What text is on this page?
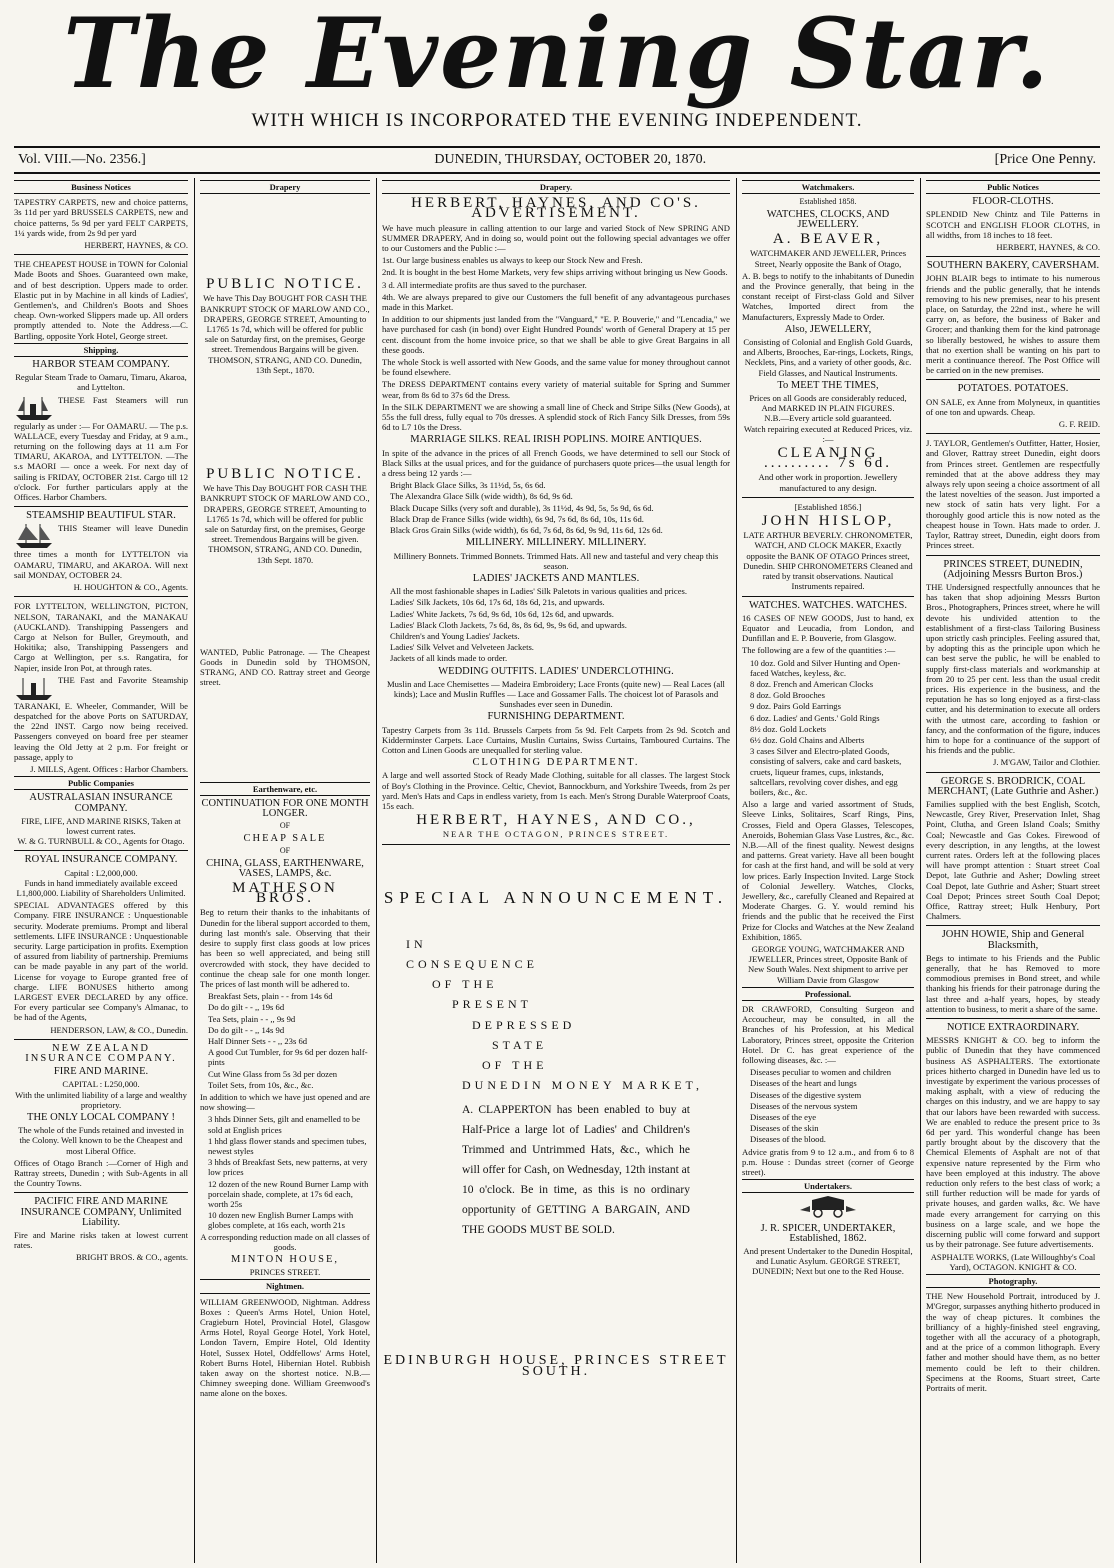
The Evening Star.
WITH WHICH IS INCORPORATED THE EVENING INDEPENDENT.
Vol. VIII.—No. 2356.]	DUNEDIN, THURSDAY, OCTOBER 20, 1870.	[Price One Penny.
Business Notices
TAPESTRY CARPETS, new and choice patterns, 3s 11d per yard BRUSSELS CARPETS, new and choice patterns, 5s 9d per yard FELT CARPETS, 1¼ yards wide, from 2s 9d per yard
HERBERT, HAYNES, & CO.
THE CHEAPEST HOUSE in TOWN for Colonial Made Boots and Shoes. Guaranteed own make, and of best description. Uppers made to order. Elastic put in by Machine in all kinds of Ladies', Gentlemen's, and Children's Boots and Shoes cheap. Own-worked Slippers made up. All orders promptly attended to. Note the Address.—C. Bartling, opposite York Hotel, George street.
Shipping.
HARBOR STEAM COMPANY.
Regular Steam Trade to Oamaru, Timaru, Akaroa, and Lyttelton.
THESE Fast Steamers will run regularly as under :— For OAMARU. — The p.s. WALLACE, every Tuesday and Friday, at 9 a.m., returning on the following days at 11 a.m For TIMARU, AKAROA, and LYTTELTON. —The s.s MAORI — once a week. For next day of sailing is FRIDAY, OCTOBER 21st. Cargo till 12 o'clock. For further particulars apply at the Offices. Harbor Chambers.
STEAMSHIP BEAUTIFUL STAR.
THIS Steamer will leave Dunedin three times a month for LYTTELTON via OAMARU, TIMARU, and AKAROA. Will next sail MONDAY, OCTOBER 24.
H. HOUGHTON & CO., Agents.
FOR LYTTELTON, WELLINGTON, PICTON, NELSON, TARANAKI, and the MANAKAU (AUCKLAND). Transhipping Passengers and Cargo at Nelson for Buller, Greymouth, and Hokitika; also, Transhipping Passengers and Cargo at Wellington, per s.s. Rangatira, for Napier, inside Iron Pot, at through rates.
THE Fast and Favorite Steamship TARANAKI, E. Wheeler, Commander, Will be despatched for the above Ports on SATURDAY, the 22nd INST. Cargo now being received. Passengers conveyed on board free per steamer leaving the Old Jetty at 2 p.m. For freight or passage, apply to
J. MILLS, Agent. Offices : Harbor Chambers.
Public Companies
AUSTRALASIAN INSURANCE COMPANY.
FIRE, LIFE, AND MARINE RISKS, Taken at lowest current rates.
W. & G. TURNBULL & CO., Agents for Otago.
ROYAL INSURANCE COMPANY.
Capital : L2,000,000.
Funds in hand immediately available exceed L1,800,000. Liability of Shareholders Unlimited.
SPECIAL ADVANTAGES offered by this Company. FIRE INSURANCE : Unquestionable security. Moderate premiums. Prompt and liberal settlements. LIFE INSURANCE : Unquestionable security. Large participation in profits. Exemption of assured from liability of partnership. Premiums can be made payable in any part of the world. License for voyage to Europe granted free of charge. LIFE BONUSES hitherto among LARGEST EVER DECLARED by any office. For every particular see Company's Almanac, to be had of the Agents,
HENDERSON, LAW, & CO., Dunedin.
NEW ZEALAND INSURANCE COMPANY.
FIRE AND MARINE.
CAPITAL : L250,000.
With the unlimited liability of a large and wealthy proprietory.
THE ONLY LOCAL COMPANY !
The whole of the Funds retained and invested in the Colony. Well known to be the Cheapest and most Liberal Office.
Offices of Otago Branch :—Corner of High and Rattray streets, Dunedin ; with Sub-Agents in all the Country Towns.
PACIFIC FIRE AND MARINE INSURANCE COMPANY, Unlimited Liability.
Fire and Marine risks taken at lowest current rates.
BRIGHT BROS. & CO., agents.
Drapery
PUBLIC NOTICE.
We have This Day BOUGHT FOR CASH THE BANKRUPT STOCK OF MARLOW AND CO., DRAPERS, GEORGE STREET, Amounting to L1765 1s 7d, which will be offered for public sale on Saturday first, on the premises, George street. Tremendous Bargains will be given.
THOMSON, STRANG, AND CO. Dunedin, 13th Sept., 1870.
PUBLIC NOTICE.
We have This Day BOUGHT FOR CASH THE BANKRUPT STOCK OF MARLOW AND CO., DRAPERS, GEORGE STREET, Amounting to L1765 1s 7d, which will be offered for public sale on Saturday first, on the premises, George street. Tremendous Bargains will be given.
THOMSON, STRANG, AND CO. Dunedin, 13th Sept. 1870.
WANTED, Public Patronage. — The Cheapest Goods in Dunedin sold by THOMSON, STRANG, AND CO. Rattray street and George street.
Earthenware, etc.
CONTINUATION FOR ONE MONTH LONGER.
OF
CHEAP SALE
OF
CHINA, GLASS, EARTHENWARE, VASES, LAMPS, &c.
MATHESON BROS.
Beg to return their thanks to the inhabitants of Dunedin for the liberal support accorded to them, during last month's sale. Observing that their desire to supply first class goods at low prices has been so well appreciated, and being still overcrowded with stock, they have decided to continue the cheap sale for one month longer. The prices of last month will be adhered to.
Breakfast Sets, plain - - from 14s 6d
Do do gilt - - ,, 19s 6d
Tea Sets, plain - - ,, 9s 9d
Do do gilt - - ,, 14s 9d
Half Dinner Sets - - ,, 23s 6d
A good Cut Tumbler, for 9s 6d per dozen half-pints
Cut Wine Glass from 5s 3d per dozen
Toilet Sets, from 10s, &c., &c.
In addition to which we have just opened and are now showing—
3 hhds Dinner Sets, gilt and enamelled to be sold at English prices
1 hhd glass flower stands and specimen tubes, newest styles
3 hhds of Breakfast Sets, new patterns, at very low prices
12 dozen of the new Round Burner Lamp with porcelain shade, complete, at 17s 6d each, worth 25s
10 dozen new English Burner Lamps with globes complete, at 16s each, worth 21s
A corresponding reduction made on all classes of goods.
MINTON HOUSE,
PRINCES STREET.
Nightmen.
WILLIAM GREENWOOD, Nightman. Address Boxes : Queen's Arms Hotel, Union Hotel, Cragieburn Hotel, Provincial Hotel, Glasgow Arms Hotel, Royal George Hotel, York Hotel, London Tavern, Empire Hotel, Old Identity Hotel, Sussex Hotel, Oddfellows' Arms Hotel, Robert Burns Hotel, Hibernian Hotel. Rubbish taken away on the shortest notice. N.B.—Chimney sweeping done. William Greenwood's name alone on the boxes.
Drapery.
HERBERT, HAYNES, AND CO'S. ADVERTISEMENT.
We have much pleasure in calling attention to our large and varied Stock of New SPRING AND SUMMER DRAPERY, And in doing so, would point out the following special advantages we offer to our Customers and the Public :—
1st. Our large business enables us always to keep our Stock New and Fresh.
2nd. It is bought in the best Home Markets, very few ships arriving without bringing us New Goods.
3 d. All intermediate profits are thus saved to the purchaser.
4th. We are always prepared to give our Customers the full benefit of any advantageous purchases made in this Market.
In addition to our shipments just landed from the "Vanguard," "E. P. Bouverie," and "Lencadia," we have purchased for cash (in bond) over Eight Hundred Pounds' worth of General Drapery at 15 per cent. discount from the home invoice price, so that we shall be able to give Great Bargains in all these goods.
The whole Stock is well assorted with New Goods, and the same value for money throughout cannot be found elsewhere.
The DRESS DEPARTMENT contains every variety of material suitable for Spring and Summer wear, from 8s 6d to 37s 6d the Dress.
In the SILK DEPARTMENT we are showing a small line of Check and Stripe Silks (New Goods), at 55s the full dress, fully equal to 70s dresses. A splendid stock of Rich Fancy Silk Dresses, from 59s 6d to L7 10s the Dress.
MARRIAGE SILKS. REAL IRISH POPLINS. MOIRE ANTIQUES.
In spite of the advance in the prices of all French Goods, we have determined to sell our Stock of Black Silks at the usual prices, and for the guidance of purchasers quote prices—the usual length for a dress being 12 yards :—
Bright Black Glace Silks, 3s 11½d, 5s, 6s 6d.
The Alexandra Glace Silk (wide width), 8s 6d, 9s 6d.
Black Ducape Silks (very soft and durable), 3s 11½d, 4s 9d, 5s, 5s 9d, 6s 6d.
Black Drap de France Silks (wide width), 6s 9d, 7s 6d, 8s 6d, 10s, 11s 6d.
Black Gros Grain Silks (wide width), 6s 6d, 7s 6d, 8s 6d, 9s 9d, 11s 6d, 12s 6d.
MILLINERY. MILLINERY. MILLINERY.
Millinery Bonnets. Trimmed Bonnets. Trimmed Hats. All new and tasteful and very cheap this season.
LADIES' JACKETS AND MANTLES.
All the most fashionable shapes in Ladies' Silk Paletots in various qualities and prices.
Ladies' Silk Jackets, 10s 6d, 17s 6d, 18s 6d, 21s, and upwards.
Ladies' White Jackets, 7s 6d, 9s 6d, 10s 6d, 12s 6d, and upwards.
Ladies' Black Cloth Jackets, 7s 6d, 8s, 8s 6d, 9s, 9s 6d, and upwards.
Children's and Young Ladies' Jackets.
Ladies' Silk Velvet and Velveteen Jackets.
Jackets of all kinds made to order.
WEDDING OUTFITS. LADIES' UNDERCLOTHING.
Muslin and Lace Chemisettes — Madeira Embroidery; Lace Fronts (quite new) — Real Laces (all kinds); Lace and Muslin Ruffles — Lace and Gossamer Falls. The choicest lot of Parasols and Sunshades ever seen in Dunedin.
FURNISHING DEPARTMENT.
Tapestry Carpets from 3s 11d. Brussels Carpets from 5s 9d. Felt Carpets from 2s 9d. Scotch and Kidderminster Carpets. Lace Curtains, Muslin Curtains, Swiss Curtains, Tamboured Curtains. The Cotton and Linen Goods are unequalled for sterling value.
CLOTHING DEPARTMENT.
A large and well assorted Stock of Ready Made Clothing, suitable for all classes. The largest Stock of Boy's Clothing in the Province. Celtic, Cheviot, Bannockburn, and Yorkshire Tweeds, from 2s per yard. Men's Hats and Caps in endless variety, from 1s each. Men's Strong Durable Waterproof Coats, 15s each.
HERBERT, HAYNES, AND CO.,
NEAR THE OCTAGON, PRINCES STREET.
SPECIAL ANNOUNCEMENT.
IN
CONSEQUENCE
OF THE
PRESENT
DEPRESSED
STATE
OF THE
DUNEDIN MONEY MARKET,
A. CLAPPERTON has been enabled to buy at Half-Price a large lot of Ladies' and Children's Trimmed and Untrimmed Hats, &c., which he will offer for Cash, on Wednesday, 12th instant at 10 o'clock. Be in time, as this is no ordinary opportunity of GETTING A BARGAIN, AND THE GOODS MUST BE SOLD.
EDINBURGH HOUSE, PRINCES STREET SOUTH.
Watchmakers.
Established 1858.
WATCHES, CLOCKS, AND JEWELLERY.
A. BEAVER,
WATCHMAKER AND JEWELLER, Princes Street, Nearly opposite the Bank of Otago,
A. B. begs to notify to the inhabitants of Dunedin and the Province generally, that being in the constant receipt of First-class Gold and Silver Watches, Imported direct from the Manufacturers, Expressly Made to Order.
Also, JEWELLERY,
Consisting of Colonial and English Gold Guards, and Alberts, Brooches, Ear-rings, Lockets, Rings, Necklets, Pins, and a variety of other goods, &c. Field Glasses, and Nautical Instruments.
To MEET THE TIMES,
Prices on all Goods are considerably reduced, And MARKED IN PLAIN FIGURES.
N.B.—Every article sold guaranteed.
Watch repairing executed at Reduced Prices, viz. :—
CLEANING .......... 7s 6d.
And other work in proportion. Jewellery manufactured to any design.
[Established 1856.]
JOHN HISLOP,
LATE ARTHUR BEVERLY. CHRONOMETER, WATCH, AND CLOCK MAKER, Exactly opposite the BANK OF OTAGO Princes street, Dunedin. SHIP CHRONOMETERS Cleaned and rated by transit observations. Nautical Instruments repaired.
WATCHES. WATCHES. WATCHES.
16 CASES OF NEW GOODS, Just to hand, ex Equator and Leucadia, from London, and Dunfillan and E. P. Bouverie, from Glasgow.
The following are a few of the quantities :—
10 doz. Gold and Silver Hunting and Open-faced Watches, keyless, &c.
8 doz. French and American Clocks
8 doz. Gold Brooches
9 doz. Pairs Gold Earrings
6 doz. Ladies' and Gents.' Gold Rings
8½ doz. Gold Lockets
6½ doz. Gold Chains and Alberts
3 cases Silver and Electro-plated Goods, consisting of salvers, cake and card baskets, cruets, liqueur frames, cups, inkstands, saltcellars, revolving cover dishes, and egg boilers, &c., &c.
Also a large and varied assortment of Studs, Sleeve Links, Solitaires, Scarf Rings, Pins, Crosses, Field and Opera Glasses, Telescopes, Aneroids, Bohemian Glass Vase Lustres, &c., &c. N.B.—All of the finest quality. Newest designs and patterns. Great variety. Have all been bought for cash at the first hand, and will be sold at very low prices. Early Inspection Invited. Large Stock of Colonial Jewellery. Watches, Clocks, Jewellery, &c., carefully Cleaned and Repaired at Moderate Charges. G. Y. would remind his friends and the public that he received the First Prize for Clocks and Watches at the New Zealand Exhibition, 1865.
GEORGE YOUNG, WATCHMAKER AND JEWELLER, Princes street, Opposite Bank of New South Wales. Next shipment to arrive per William Davie from Glasgow
Professional.
DR CRAWFORD, Consulting Surgeon and Accoucheur, may be consulted, in all the Branches of his Profession, at his Medical Laboratory, Princes street, opposite the Criterion Hotel. Dr C. has great experience of the following diseases, &c. :—
Diseases peculiar to women and children
Diseases of the heart and lungs
Diseases of the digestive system
Diseases of the nervous system
Diseases of the eye
Diseases of the skin
Diseases of the blood.
Advice gratis from 9 to 12 a.m., and from 6 to 8 p.m. House : Dundas street (corner of George street).
Undertakers.
J. R. SPICER, UNDERTAKER, Established, 1862.
And present Undertaker to the Dunedin Hospital, and Lunatic Asylum. GEORGE STREET, DUNEDIN; Next but one to the Red House.
Public Notices
FLOOR-CLOTHS.
SPLENDID New Chintz and Tile Patterns in SCOTCH and ENGLISH FLOOR CLOTHS, in all widths, from 18 inches to 18 feet.
HERBERT, HAYNES, & CO.
SOUTHERN BAKERY, CAVERSHAM.
JOHN BLAIR begs to intimate to his numerous friends and the public generally, that he intends removing to his new premises, near to his present place, on Saturday, the 22nd inst., where he will carry on, as before, the business of Baker and Grocer; and thanking them for the kind patronage so liberally bestowed, he wishes to assure them that no exertion shall be wanting on his part to merit a continuance thereof. The Post Office will be carried on in the new premises.
POTATOES. POTATOES.
ON SALE, ex Anne from Molyneux, in quantities of one ton and upwards. Cheap.
G. F. REID.
J. TAYLOR, Gentlemen's Outfitter, Hatter, Hosier, and Glover, Rattray street Dunedin, eight doors from Princes street. Gentlemen are respectfully reminded that at the above address they may always rely upon seeing a choice assortment of all the latest novelties of the season. Just imported a new stock of satin hats very light. For a thoroughly good article this is now noted as the cheapest house in Town. Hats made to order. J. Taylor, Rattray street, Dunedin, eight doors from Princes street.
PRINCES STREET, DUNEDIN, (Adjoining Messrs Burton Bros.)
THE Undersigned respectfully announces that he has taken that shop adjoining Messrs Burton Bros., Photographers, Princes street, where he will devote his undivided attention to the establishment of a first-class Tailoring Business upon strictly cash principles. Feeling assured that, by adopting this as the principle upon which he can best serve the public, he will be enabled to supply first-class materials and workmanship at from 20 to 25 per cent. less than the usual credit prices. His experience in the business, and the reputation he has so long enjoyed as a first-class cutter, and his determination to execute all orders with the utmost care, according to fashion or fancy, and the conformation of the figure, induces him to hope for a continuance of the support of his friends and the public.
J. M'GAW, Tailor and Clothier.
GEORGE S. BRODRICK, COAL MERCHANT, (Late Guthrie and Asher.)
Families supplied with the best English, Scotch, Newcastle, Grey River, Preservation Inlet, Shag Point, Clutha, and Green Island Coals; Smithy Coal; Newcastle and Gas Cokes. Firewood of every description, in any lengths, at the lowest current rates. Orders left at the following places will have prompt attention : Stuart street Coal Depot, late Guthrie and Asher; Dowling street Coal Depot, late Guthrie and Asher; Stuart street Coal Depot; Princes street South Coal Depot; Office, Rattray street; Hulk Henbury, Port Chalmers.
JOHN HOWIE, Ship and General Blacksmith,
Begs to intimate to his Friends and the Public generally, that he has Removed to more commodious premises in Bond street, and while thanking his friends for their patronage during the last three and a-half years, hopes, by steady attention to business, to merit a share of the same.
NOTICE EXTRAORDINARY.
MESSRS KNIGHT & CO. beg to inform the public of Dunedin that they have commenced business AS ASPHALTERS. The extortionate prices hitherto charged in Dunedin have led us to investigate by experiment the various processes of making asphalt, with a view of reducing the charges on this industry, and we are happy to say that our labors have been rewarded with success. We are enabled to reduce the present price to 3s 6d per yard. This wonderful change has been partly brought about by the discovery that the Chemical Elements of Asphalt are not of that expensive nature represented by the Firm who have been employed at this industry. The above reduction only refers to the best class of work; a still further reduction will be made for yards of private houses, and garden walks, &c. We have made every arrangement for carrying on this business on a large scale, and we hope the discerning public will come forward and support us by their patronage. See future advertisements.
ASPHALTE WORKS, (Late Willoughby's Coal Yard), OCTAGON. KNIGHT & CO.
Photography.
THE New Household Portrait, introduced by J. M'Gregor, surpasses anything hitherto produced in the way of cheap pictures. It combines the brilliancy of a highly-finished steel engraving, together with all the accuracy of a photograph, and at the price of a common lithograph. Every father and mother should have them, as no better memento could be left to their children. Specimens at the Rooms, Stuart street, Carte Portraits of merit.
